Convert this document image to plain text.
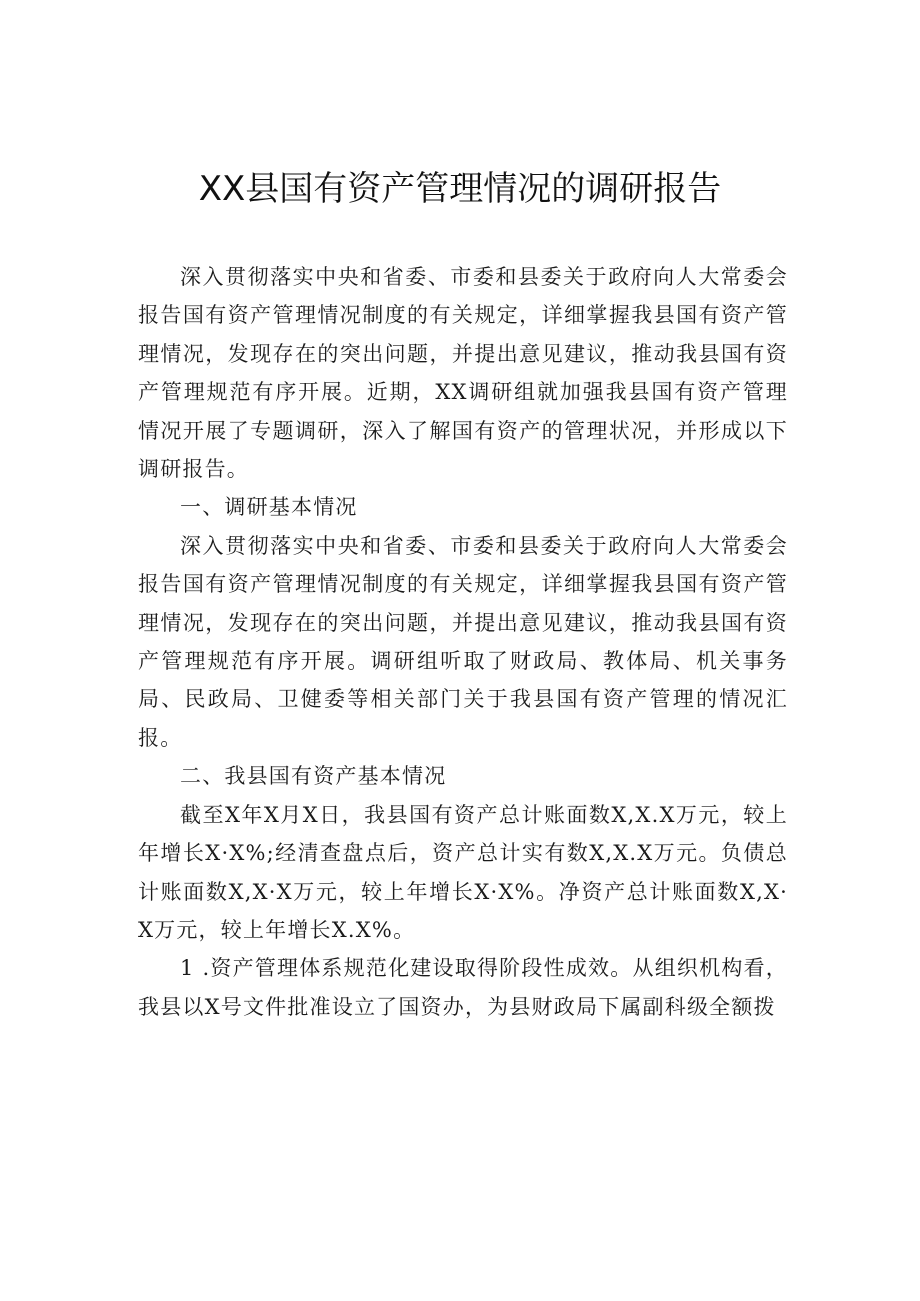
XX县国有资产管理情况的调研报告

深入贯彻落实中央和省委、市委和县委关于政府向人大常委会报告国有资产管理情况制度的有关规定，详细掌握我县国有资产管理情况，发现存在的突出问题，并提出意见建议，推动我县国有资产管理规范有序开展。近期，XX调研组就加强我县国有资产管理情况开展了专题调研，深入了解国有资产的管理状况，并形成以下调研报告。

一、调研基本情况

深入贯彻落实中央和省委、市委和县委关于政府向人大常委会报告国有资产管理情况制度的有关规定，详细掌握我县国有资产管理情况，发现存在的突出问题，并提出意见建议，推动我县国有资产管理规范有序开展。调研组听取了财政局、教体局、机关事务局、民政局、卫健委等相关部门关于我县国有资产管理的情况汇报。

二、我县国有资产基本情况

截至X年X月X日，我县国有资产总计账面数X,X.X万元，较上年增长X·X%;经清查盘点后，资产总计实有数X,X.X万元。负债总计账面数X,X·X万元，较上年增长X·X%。净资产总计账面数X,X·X万元，较上年增长X.X%。

1 .资产管理体系规范化建设取得阶段性成效。从组织机构看，我县以X号文件批准设立了国资办，为县财政局下属副科级全额拨
